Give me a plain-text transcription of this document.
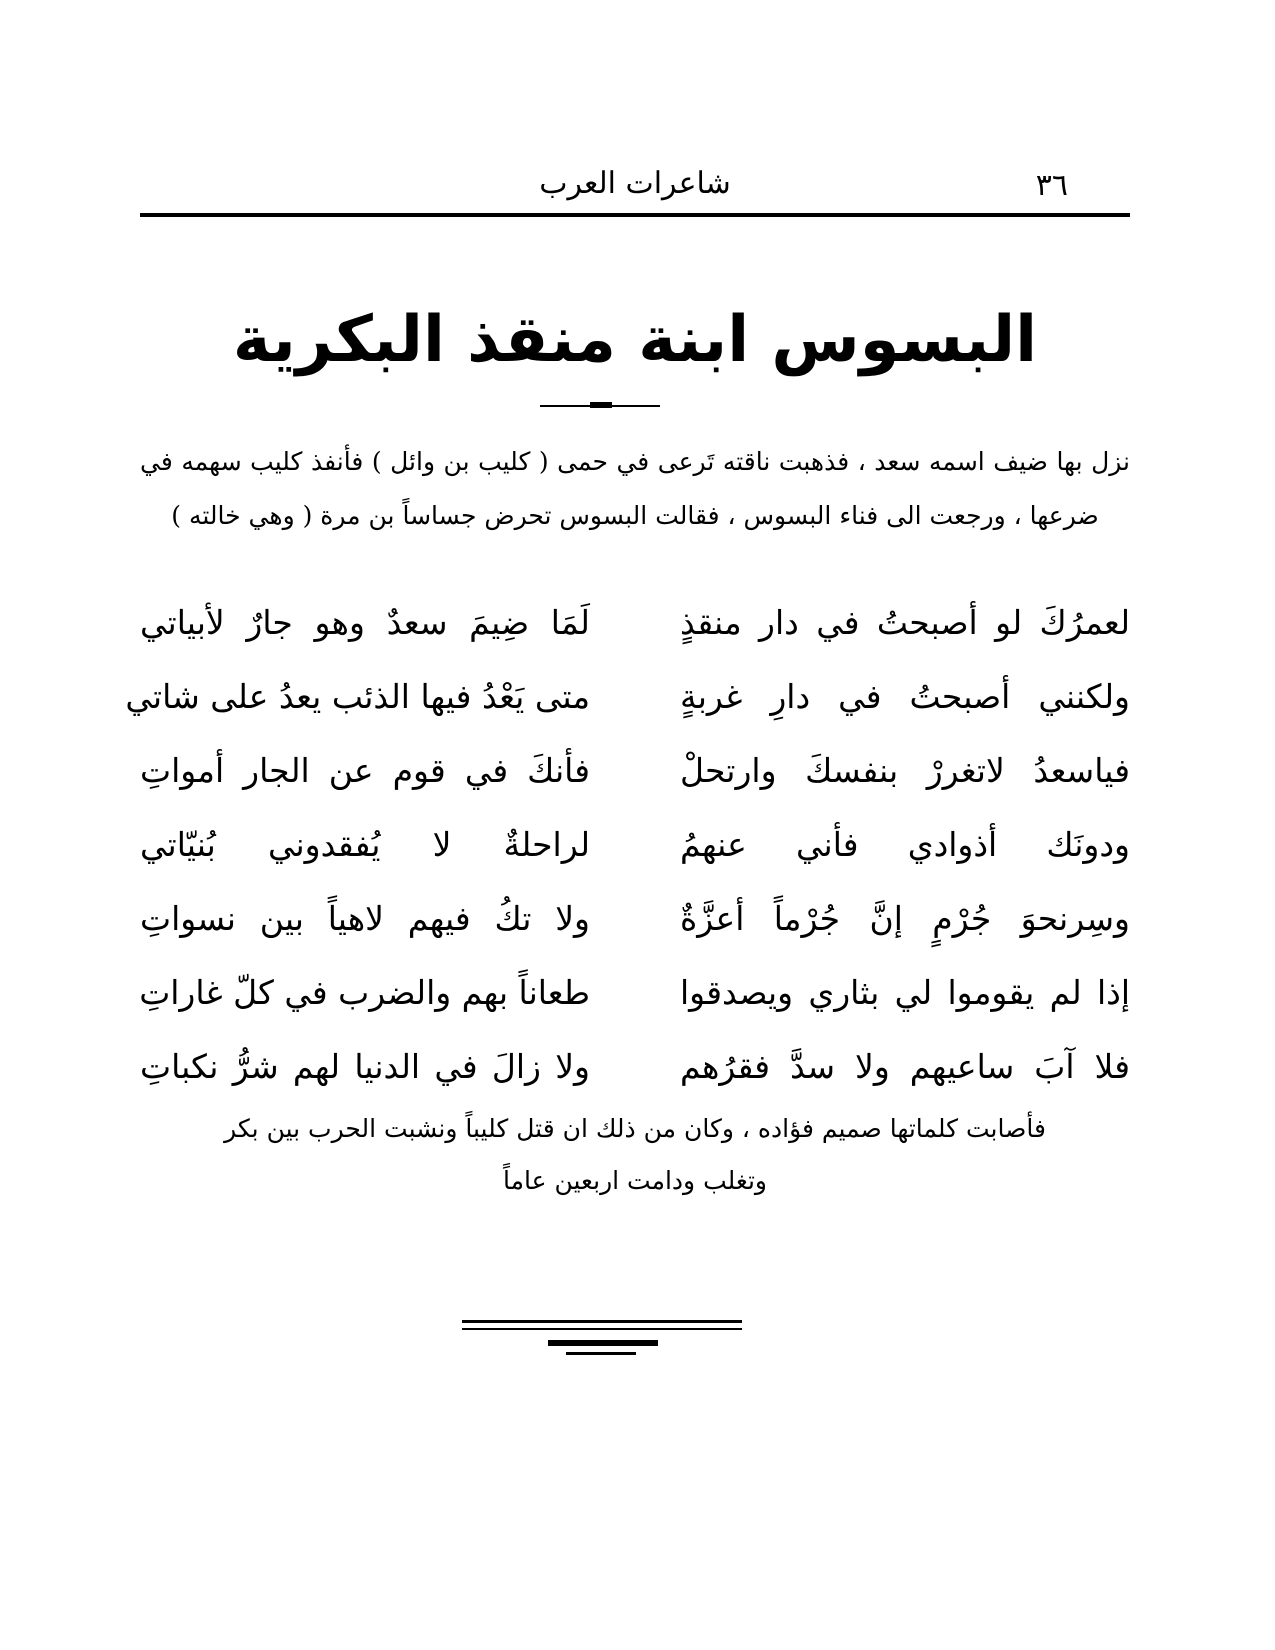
٣٦
شاعرات العرب
البسوس ابنة منقذ البكرية
نزل بها ضيف اسمه سعد ، فذهبت ناقته تَرعى في حمى ( كليب بن وائل ) فأنفذ كليب سهمه في ضرعها ، ورجعت الى فناء البسوس ، فقالت البسوس تحرض جساساً بن مرة ( وهي خالته )
لعمرُكَ لو أصبحتُ في دار منقذٍ
لَمَا ضِيمَ سعدٌ وهو جارٌ لأبياتي
ولكنني أصبحتُ في دارِ غربةٍ
متى يَعْدُ فيها الذئب يعدُ على شاتي
فياسعدُ لاتغررْ بنفسكَ وارتحلْ
فأنكَ في قوم عن الجار أمواتِ
ودونَك أذوادي فأني عنهمُ
لراحلةٌ لا يُفقدوني بُنيّاتي
وسِرنحوَ جُرْمٍ إنَّ جُرْماً أعزَّةٌ
ولا تكُ فيهم لاهياً بين نسواتِ
إذا لم يقوموا لي بثاري ويصدقوا
طعاناً بهم والضرب في كلّ غاراتِ
فلا آبَ ساعيهم ولا سدَّ فقرُهم
ولا زالَ في الدنيا لهم شرُّ نكباتِ
فأصابت كلماتها صميم فؤاده ، وكان من ذلك ان قتل كليباً ونشبت الحرب بين بكر وتغلب ودامت اربعين عاماً
